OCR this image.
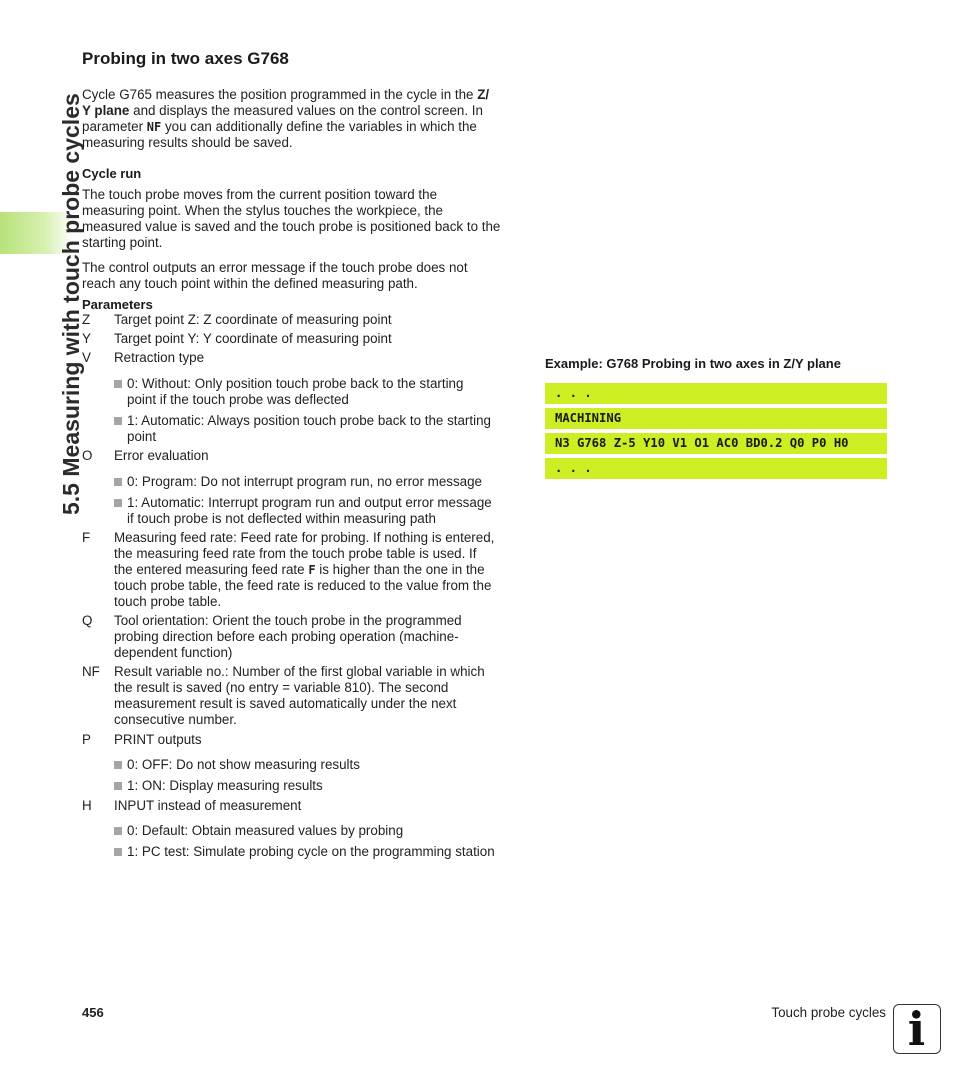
5.5 Measuring with touch probe cycles
Probing in two axes G768
Cycle G765 measures the position programmed in the cycle in the Z/
Y plane and displays the measured values on the control screen. In
parameter NF you can additionally define the variables in which the
measuring results should be saved.
Cycle run
The touch probe moves from the current position toward the
measuring point. When the stylus touches the workpiece, the
measured value is saved and the touch probe is positioned back to the
starting point.
The control outputs an error message if the touch probe does not
reach any touch point within the defined measuring path.
Parameters
Z Target point Z: Z coordinate of measuring point
Y Target point Y: Y coordinate of measuring point
V Retraction type
0: Without: Only position touch probe back to the starting
point if the touch probe was deflected
1: Automatic: Always position touch probe back to the starting
point
O Error evaluation
0: Program: Do not interrupt program run, no error message
1: Automatic: Interrupt program run and output error message
if touch probe is not deflected within measuring path
F Measuring feed rate: Feed rate for probing. If nothing is entered,
the measuring feed rate from the touch probe table is used. If
the entered measuring feed rate F is higher than the one in the
touch probe table, the feed rate is reduced to the value from the
touch probe table.
Q Tool orientation: Orient the touch probe in the programmed
probing direction before each probing operation (machine-
dependent function)
NF Result variable no.: Number of the first global variable in which
the result is saved (no entry = variable 810). The second
measurement result is saved automatically under the next
consecutive number.
P PRINT outputs
0: OFF: Do not show measuring results
1: ON: Display measuring results
H INPUT instead of measurement
0: Default: Obtain measured values by probing
1: PC test: Simulate probing cycle on the programming station
Example: G768 Probing in two axes in Z/Y plane
. . .
MACHINING
N3 G768 Z-5 Y10 V1 O1 AC0 BD0.2 Q0 P0 H0
. . .
456	Touch probe cycles i
